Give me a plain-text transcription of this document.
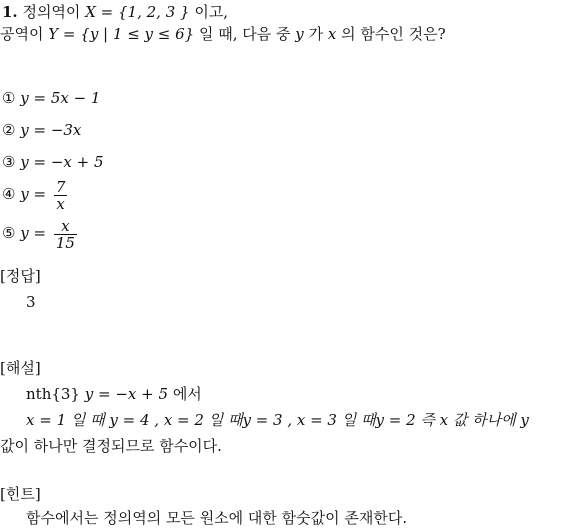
1. 정의역이 X = {1, 2, 3 } 이고,
공역이 Y = {y | 1 ≤ y ≤ 6} 일 때, 다음 중 y 가 x 의 함수인 것은?
① y = 5x − 1
② y = −3x
③ y = −x + 5
④ $y = \frac{7}{x}$
⑤ $y = \frac{x}{15}$
[정답]
3
[해설]
nth{3} y = −x + 5 에서
x = 1 일 때 y = 4 , x = 2 일 때y = 3 , x = 3 일 때y = 2 즉 x 값 하나에 y
값이 하나만 결정되므로 함수이다.
[힌트]
함수에서는 정의역의 모든 원소에 대한 함숫값이 존재한다.
